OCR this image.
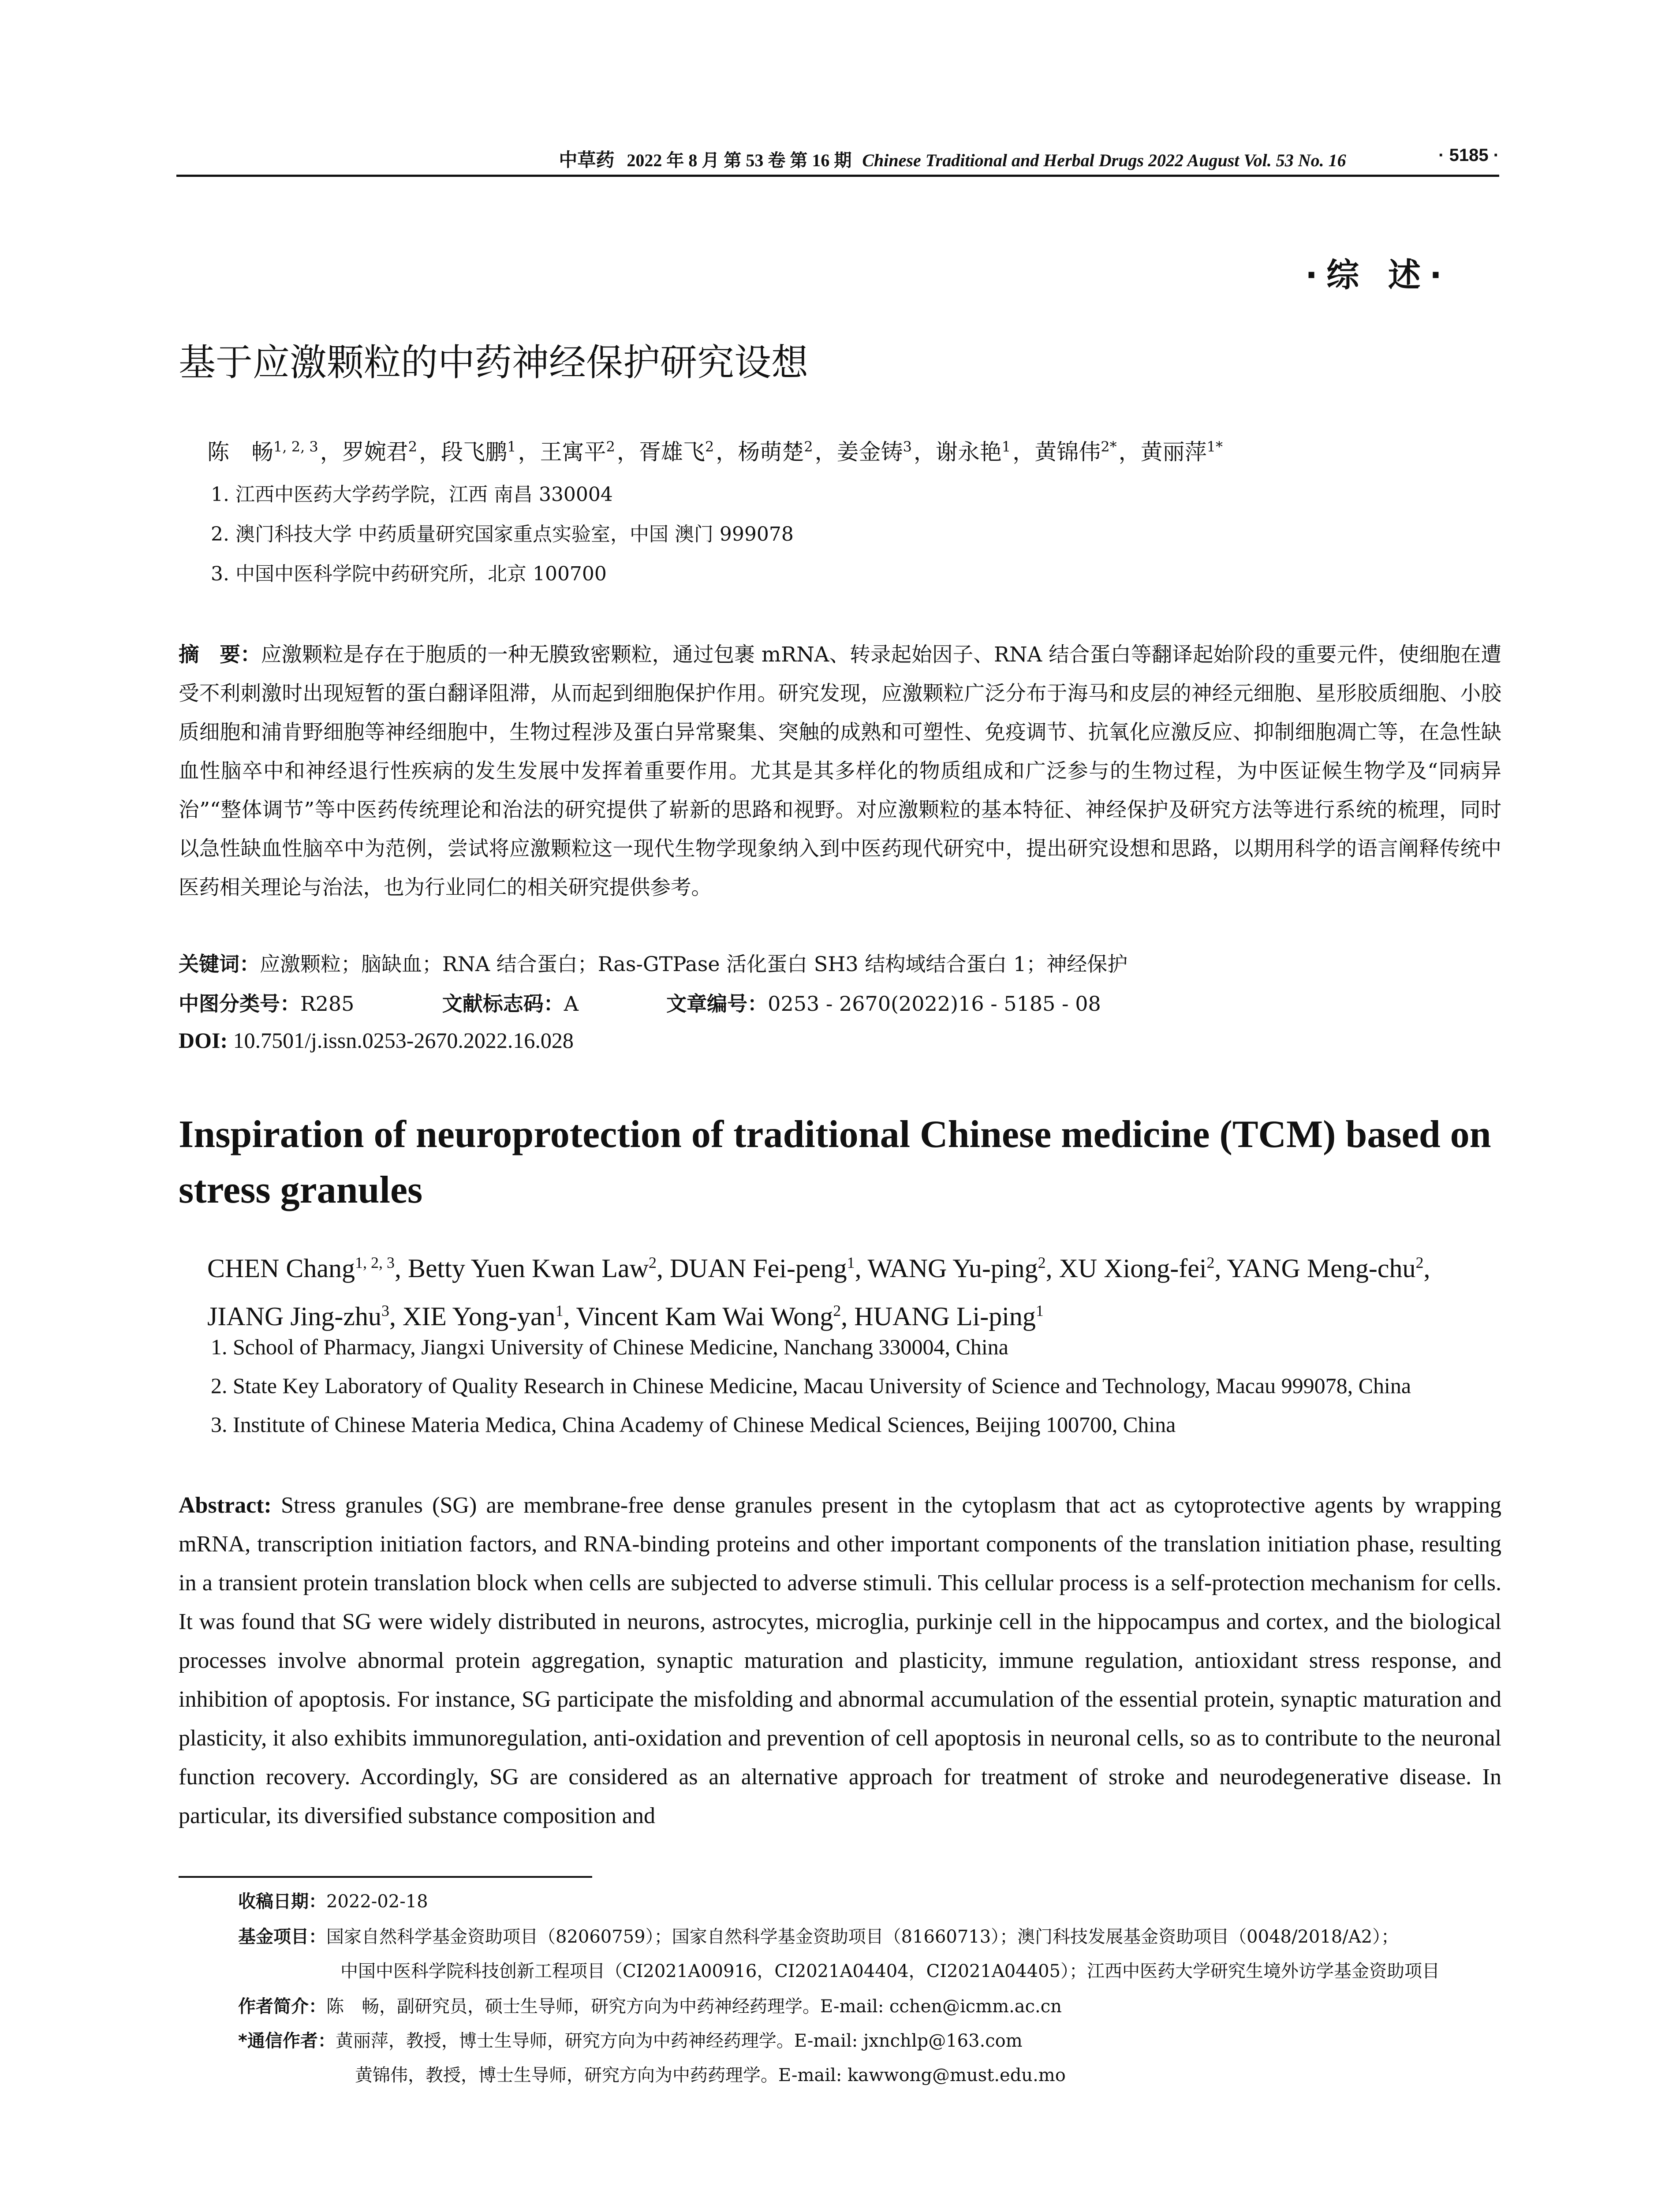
中草药 2022 年 8 月 第 53 卷 第 16 期 Chinese Traditional and Herbal Drugs 2022 August Vol. 53 No. 16	· 5185 ·
·综 述·
基于应激颗粒的中药神经保护研究设想
陈　畅$^{1, 2, 3}$，罗婉君$^2$，段飞鹏$^1$，王寓平$^2$，胥雄飞$^2$，杨萌楚$^2$，姜金铸$^3$，谢永艳$^1$，黄锦伟$^{2*}$，黄丽萍$^{1*}$
1. 江西中医药大学药学院，江西 南昌 330004
2. 澳门科技大学 中药质量研究国家重点实验室，中国 澳门 999078
3. 中国中医科学院中药研究所，北京 100700
摘　要：应激颗粒是存在于胞质的一种无膜致密颗粒，通过包裹 mRNA、转录起始因子、RNA 结合蛋白等翻译起始阶段的重要元件，使细胞在遭受不利刺激时出现短暂的蛋白翻译阻滞，从而起到细胞保护作用。研究发现，应激颗粒广泛分布于海马和皮层的神经元细胞、星形胶质细胞、小胶质细胞和浦肯野细胞等神经细胞中，生物过程涉及蛋白异常聚集、突触的成熟和可塑性、免疫调节、抗氧化应激反应、抑制细胞凋亡等，在急性缺血性脑卒中和神经退行性疾病的发生发展中发挥着重要作用。尤其是其多样化的物质组成和广泛参与的生物过程，为中医证候生物学及“同病异治”“整体调节”等中医药传统理论和治法的研究提供了崭新的思路和视野。对应激颗粒的基本特征、神经保护及研究方法等进行系统的梳理，同时以急性缺血性脑卒中为范例，尝试将应激颗粒这一现代生物学现象纳入到中医药现代研究中，提出研究设想和思路，以期用科学的语言阐释传统中医药相关理论与治法，也为行业同仁的相关研究提供参考。
关键词：应激颗粒；脑缺血；RNA 结合蛋白；Ras-GTPase 活化蛋白 SH3 结构域结合蛋白 1；神经保护
中图分类号：R285	文献标志码：A	文章编号：0253 - 2670(2022)16 - 5185 - 08
DOI: 10.7501/j.issn.0253-2670.2022.16.028
Inspiration of neuroprotection of traditional Chinese medicine (TCM) based on stress granules
CHEN Chang$^{1, 2, 3}$, Betty Yuen Kwan Law$^2$, DUAN Fei-peng$^1$, WANG Yu-ping$^2$, XU Xiong-fei$^2$, YANG Meng-chu$^2$, JIANG Jing-zhu$^3$, XIE Yong-yan$^1$, Vincent Kam Wai Wong$^2$, HUANG Li-ping$^1$
1. School of Pharmacy, Jiangxi University of Chinese Medicine, Nanchang 330004, China
2. State Key Laboratory of Quality Research in Chinese Medicine, Macau University of Science and Technology, Macau 999078, China
3. Institute of Chinese Materia Medica, China Academy of Chinese Medical Sciences, Beijing 100700, China
Abstract: Stress granules (SG) are membrane-free dense granules present in the cytoplasm that act as cytoprotective agents by wrapping mRNA, transcription initiation factors, and RNA-binding proteins and other important components of the translation initiation phase, resulting in a transient protein translation block when cells are subjected to adverse stimuli. This cellular process is a self-protection mechanism for cells. It was found that SG were widely distributed in neurons, astrocytes, microglia, purkinje cell in the hippocampus and cortex, and the biological processes involve abnormal protein aggregation, synaptic maturation and plasticity, immune regulation, antioxidant stress response, and inhibition of apoptosis. For instance, SG participate the misfolding and abnormal accumulation of the essential protein, synaptic maturation and plasticity, it also exhibits immunoregulation, anti-oxidation and prevention of cell apoptosis in neuronal cells, so as to contribute to the neuronal function recovery. Accordingly, SG are considered as an alternative approach for treatment of stroke and neurodegenerative disease. In particular, its diversified substance composition and
收稿日期：2022-02-18
基金项目：国家自然科学基金资助项目（82060759）；国家自然科学基金资助项目（81660713）；澳门科技发展基金资助项目（0048/2018/A2）；
中国中医科学院科技创新工程项目（CI2021A00916，CI2021A04404，CI2021A04405）；江西中医药大学研究生境外访学基金资助项目
作者简介：陈　畅，副研究员，硕士生导师，研究方向为中药神经药理学。E-mail: cchen@icmm.ac.cn
*通信作者：黄丽萍，教授，博士生导师，研究方向为中药神经药理学。E-mail: jxnchlp@163.com
黄锦伟，教授，博士生导师，研究方向为中药药理学。E-mail: kawwong@must.edu.mo
